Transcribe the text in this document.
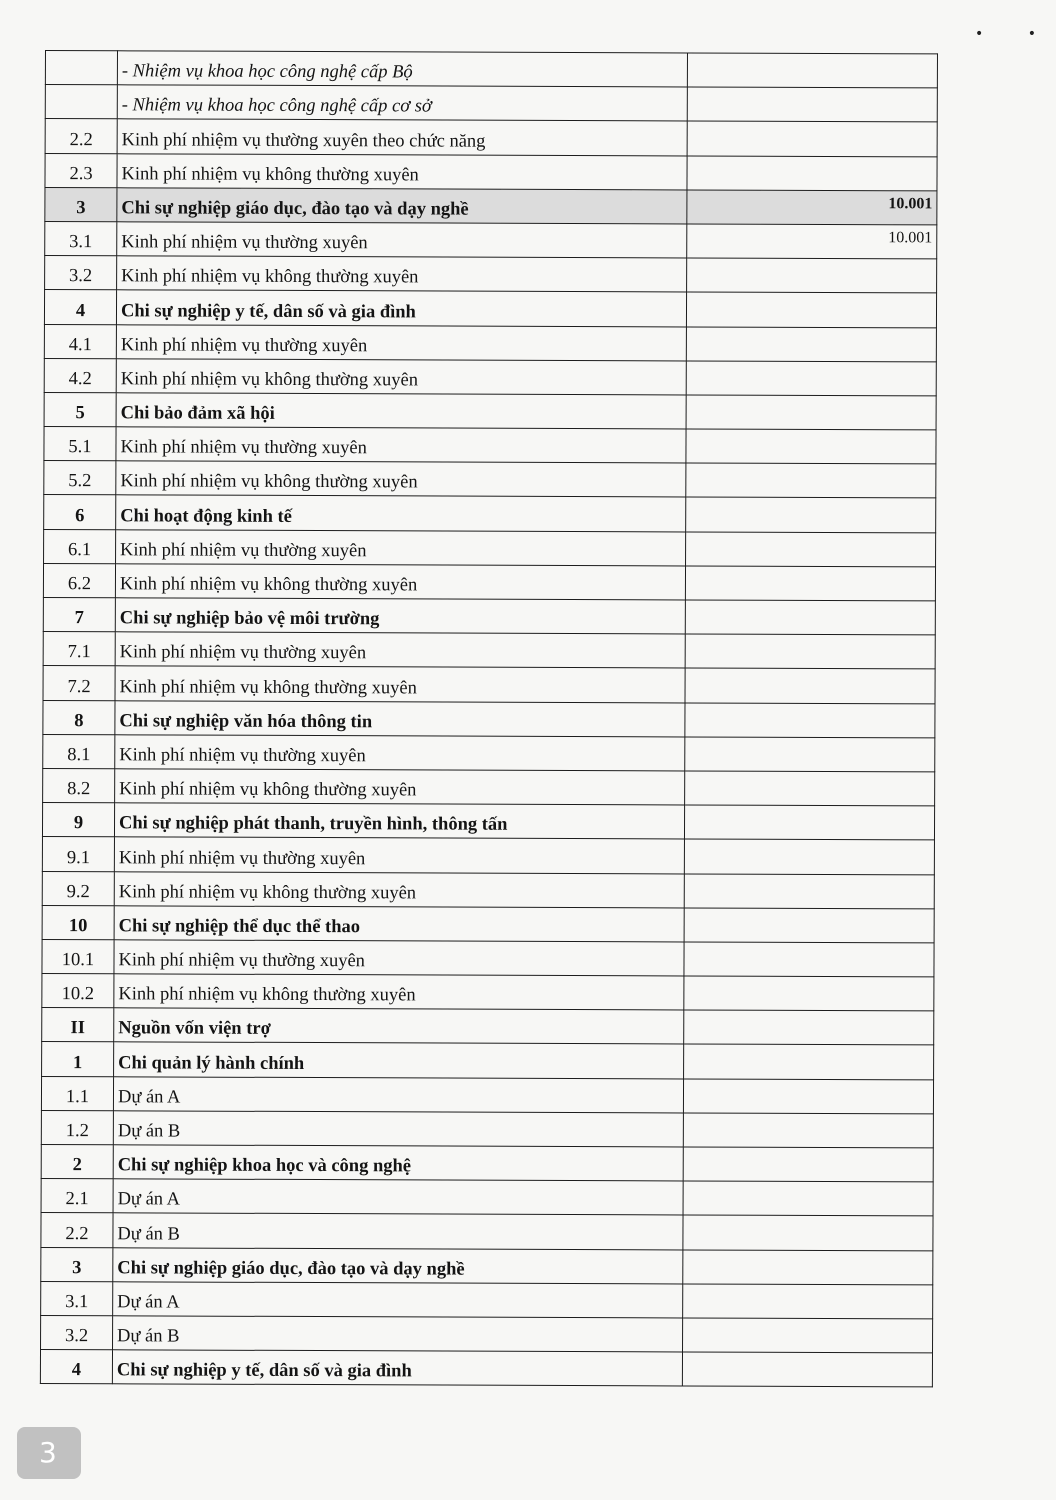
• •
	- Nhiệm vụ khoa học công nghệ cấp Bộ	
	- Nhiệm vụ khoa học công nghệ cấp cơ sở	
2.2	Kinh phí nhiệm vụ thường xuyên theo chức năng	
2.3	Kinh phí nhiệm vụ không thường xuyên	
3	Chi sự nghiệp giáo dục, đào tạo và dạy nghề	10.001
3.1	Kinh phí nhiệm vụ thường xuyên	10.001
3.2	Kinh phí nhiệm vụ không thường xuyên	
4	Chi sự nghiệp y tế, dân số và gia đình	
4.1	Kinh phí nhiệm vụ thường xuyên	
4.2	Kinh phí nhiệm vụ không thường xuyên	
5	Chi bảo đảm xã hội	
5.1	Kinh phí nhiệm vụ thường xuyên	
5.2	Kinh phí nhiệm vụ không thường xuyên	
6	Chi hoạt động kinh tế	
6.1	Kinh phí nhiệm vụ thường xuyên	
6.2	Kinh phí nhiệm vụ không thường xuyên	
7	Chi sự nghiệp bảo vệ môi trường	
7.1	Kinh phí nhiệm vụ thường xuyên	
7.2	Kinh phí nhiệm vụ không thường xuyên	
8	Chi sự nghiệp văn hóa thông tin	
8.1	Kinh phí nhiệm vụ thường xuyên	
8.2	Kinh phí nhiệm vụ không thường xuyên	
9	Chi sự nghiệp phát thanh, truyền hình, thông tấn	
9.1	Kinh phí nhiệm vụ thường xuyên	
9.2	Kinh phí nhiệm vụ không thường xuyên	
10	Chi sự nghiệp thể dục thể thao	
10.1	Kinh phí nhiệm vụ thường xuyên	
10.2	Kinh phí nhiệm vụ không thường xuyên	
II	Nguồn vốn viện trợ	
1	Chi quản lý hành chính	
1.1	Dự án A	
1.2	Dự án B	
2	Chi sự nghiệp khoa học và công nghệ	
2.1	Dự án A	
2.2	Dự án B	
3	Chi sự nghiệp giáo dục, đào tạo và dạy nghề	
3.1	Dự án A	
3.2	Dự án B	
4	Chi sự nghiệp y tế, dân số và gia đình	
3
